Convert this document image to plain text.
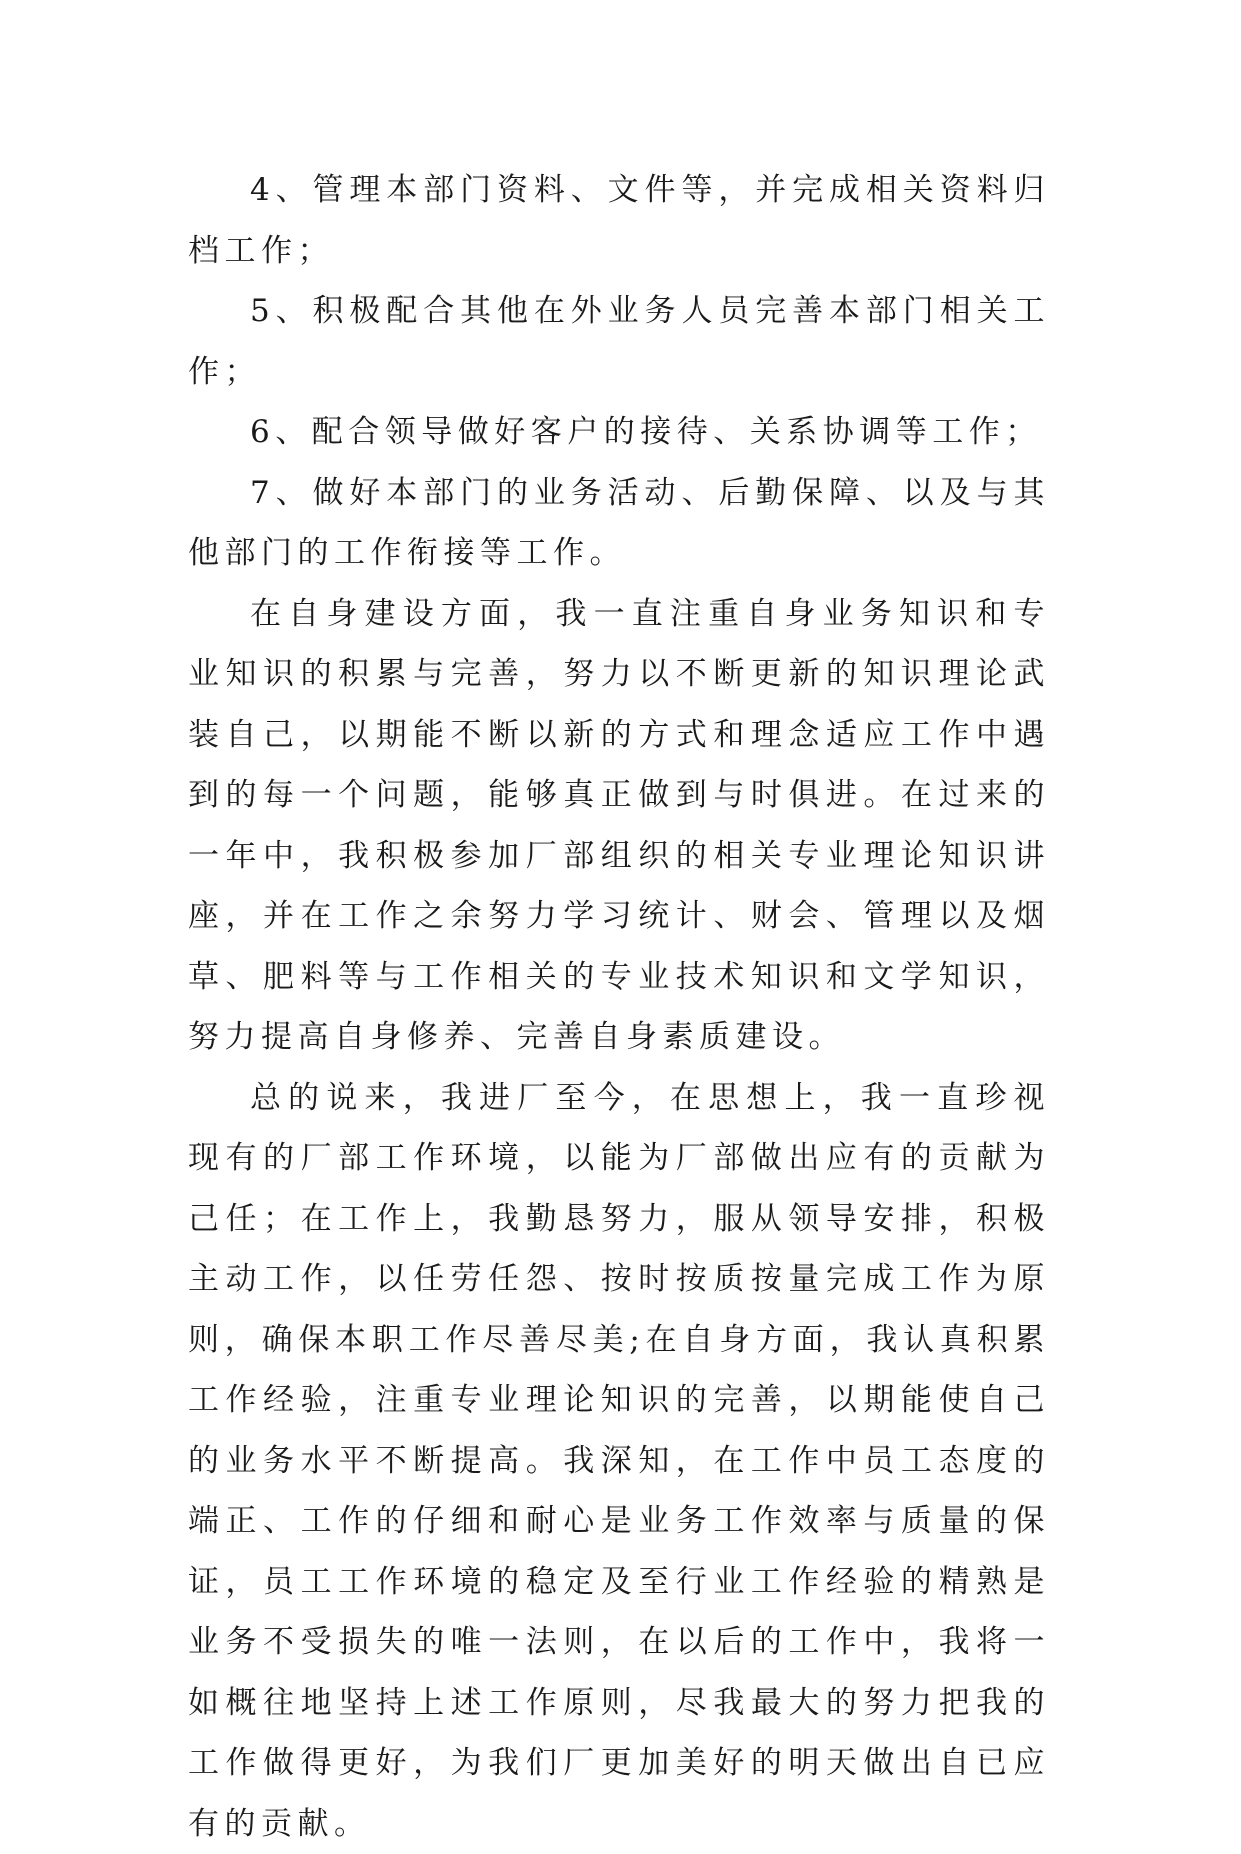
4、管理本部门资料、文件等，并完成相关资料归档工作；

5、积极配合其他在外业务人员完善本部门相关工作；

6、配合领导做好客户的接待、关系协调等工作；

7、做好本部门的业务活动、后勤保障、以及与其他部门的工作衔接等工作。

在自身建设方面，我一直注重自身业务知识和专业知识的积累与完善，努力以不断更新的知识理论武装自己，以期能不断以新的方式和理念适应工作中遇到的每一个问题，能够真正做到与时俱进。在过来的一年中，我积极参加厂部组织的相关专业理论知识讲座，并在工作之余努力学习统计、财会、管理以及烟草、肥料等与工作相关的专业技术知识和文学知识，努力提高自身修养、完善自身素质建设。

总的说来，我进厂至今，在思想上，我一直珍视现有的厂部工作环境，以能为厂部做出应有的贡献为己任；在工作上，我勤恳努力，服从领导安排，积极主动工作，以任劳任怨、按时按质按量完成工作为原则，确保本职工作尽善尽美;在自身方面，我认真积累工作经验，注重专业理论知识的完善，以期能使自己的业务水平不断提高。我深知，在工作中员工态度的端正、工作的仔细和耐心是业务工作效率与质量的保证，员工工作环境的稳定及至行业工作经验的精熟是业务不受损失的唯一法则，在以后的工作中，我将一如概往地坚持上述工作原则，尽我最大的努力把我的工作做得更好，为我们厂更加美好的明天做出自已应有的贡献。
